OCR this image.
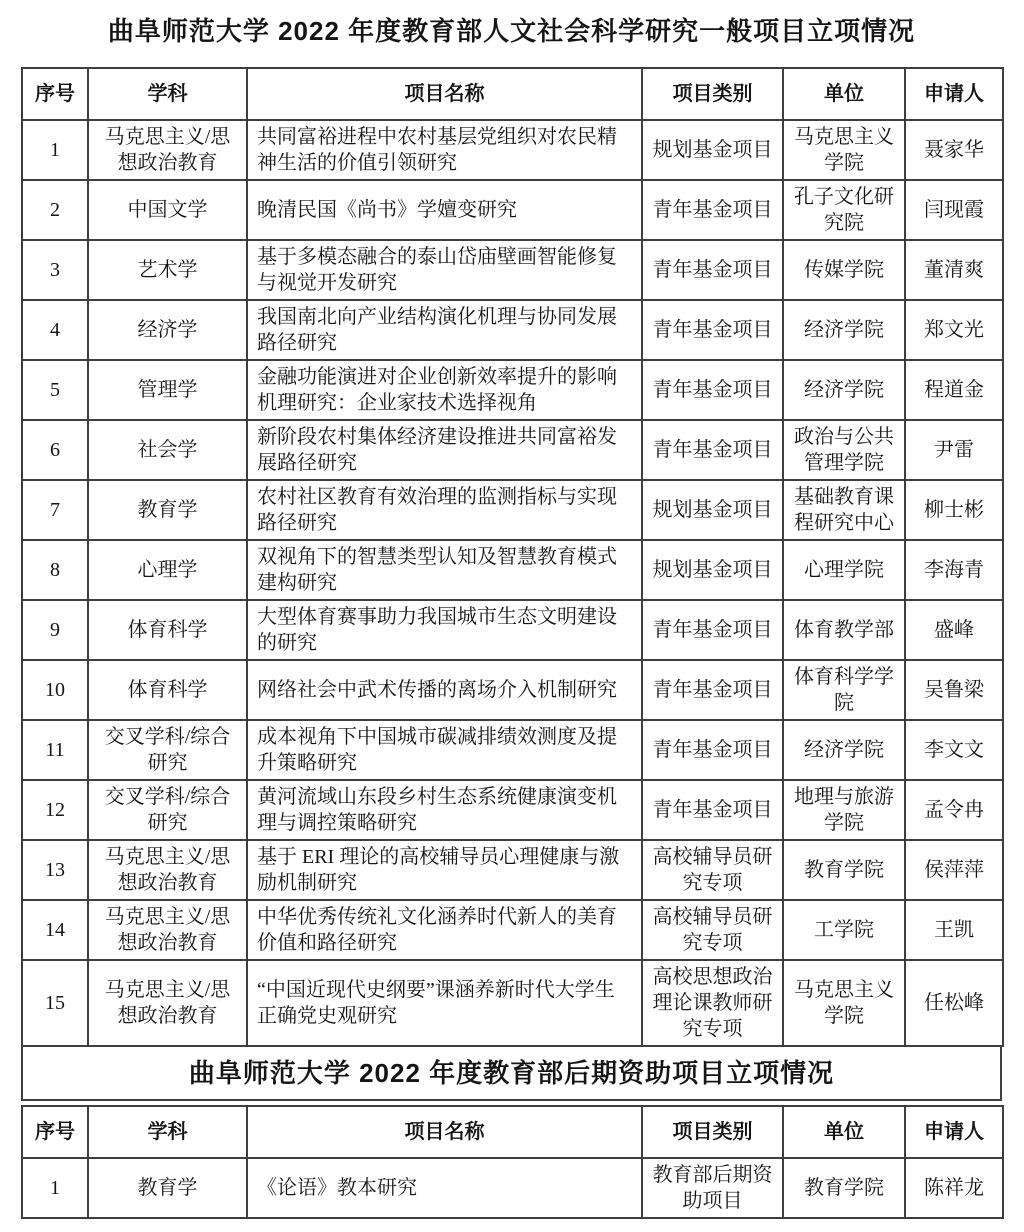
曲阜师范大学 2022 年度教育部人文社会科学研究一般项目立项情况
序号	学科	项目名称	项目类别	单位	申请人
1	马克思主义/思想政治教育	共同富裕进程中农村基层党组织对农民精神生活的价值引领研究	规划基金项目	马克思主义学院	聂家华
2	中国文学	晚清民国《尚书》学嬗变研究	青年基金项目	孔子文化研究院	闫现霞
3	艺术学	基于多模态融合的泰山岱庙壁画智能修复与视觉开发研究	青年基金项目	传媒学院	董清爽
4	经济学	我国南北向产业结构演化机理与协同发展路径研究	青年基金项目	经济学院	郑文光
5	管理学	金融功能演进对企业创新效率提升的影响机理研究：企业家技术选择视角	青年基金项目	经济学院	程道金
6	社会学	新阶段农村集体经济建设推进共同富裕发展路径研究	青年基金项目	政治与公共管理学院	尹雷
7	教育学	农村社区教育有效治理的监测指标与实现路径研究	规划基金项目	基础教育课程研究中心	柳士彬
8	心理学	双视角下的智慧类型认知及智慧教育模式建构研究	规划基金项目	心理学院	李海青
9	体育科学	大型体育赛事助力我国城市生态文明建设的研究	青年基金项目	体育教学部	盛峰
10	体育科学	网络社会中武术传播的离场介入机制研究	青年基金项目	体育科学学院	吴鲁梁
11	交叉学科/综合研究	成本视角下中国城市碳减排绩效测度及提升策略研究	青年基金项目	经济学院	李文文
12	交叉学科/综合研究	黄河流域山东段乡村生态系统健康演变机理与调控策略研究	青年基金项目	地理与旅游学院	孟令冉
13	马克思主义/思想政治教育	基于 ERI 理论的高校辅导员心理健康与激励机制研究	高校辅导员研究专项	教育学院	侯萍萍
14	马克思主义/思想政治教育	中华优秀传统礼文化涵养时代新人的美育价值和路径研究	高校辅导员研究专项	工学院	王凯
15	马克思主义/思想政治教育	“中国近现代史纲要”课涵养新时代大学生正确党史观研究	高校思想政治理论课教师研究专项	马克思主义学院	任松峰
曲阜师范大学 2022 年度教育部后期资助项目立项情况
序号	学科	项目名称	项目类别	单位	申请人
1	教育学	《论语》教本研究	教育部后期资助项目	教育学院	陈祥龙
